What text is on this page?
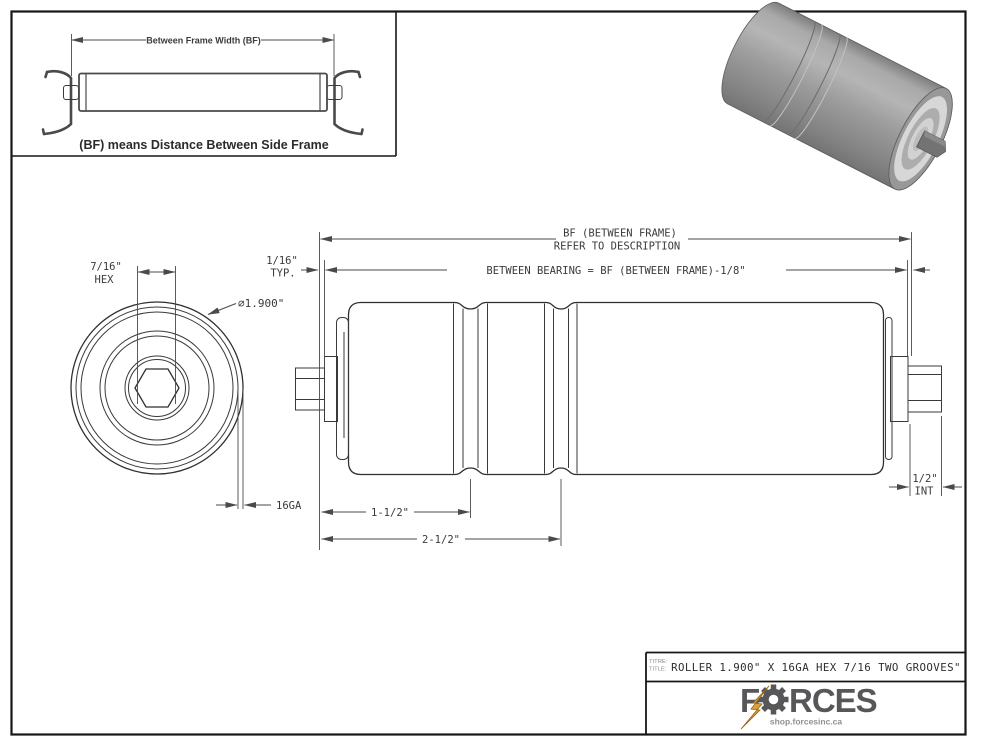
Between Frame Width (BF)
(BF) means Distance Between Side Frame
7/16"
HEX
⌀1.900"
16GA
BF (BETWEEN FRAME)
REFER TO DESCRIPTION
BETWEEN BEARING = BF (BETWEEN FRAME)-1/8"
1/16"
TYP.
1-1/2"
2-1/2"
1/2"
INT
TITRE:
TITLE: ROLLER 1.900" X 16GA HEX 7/16 TWO GROOVES"
F RCES
shop.forcesinc.ca
